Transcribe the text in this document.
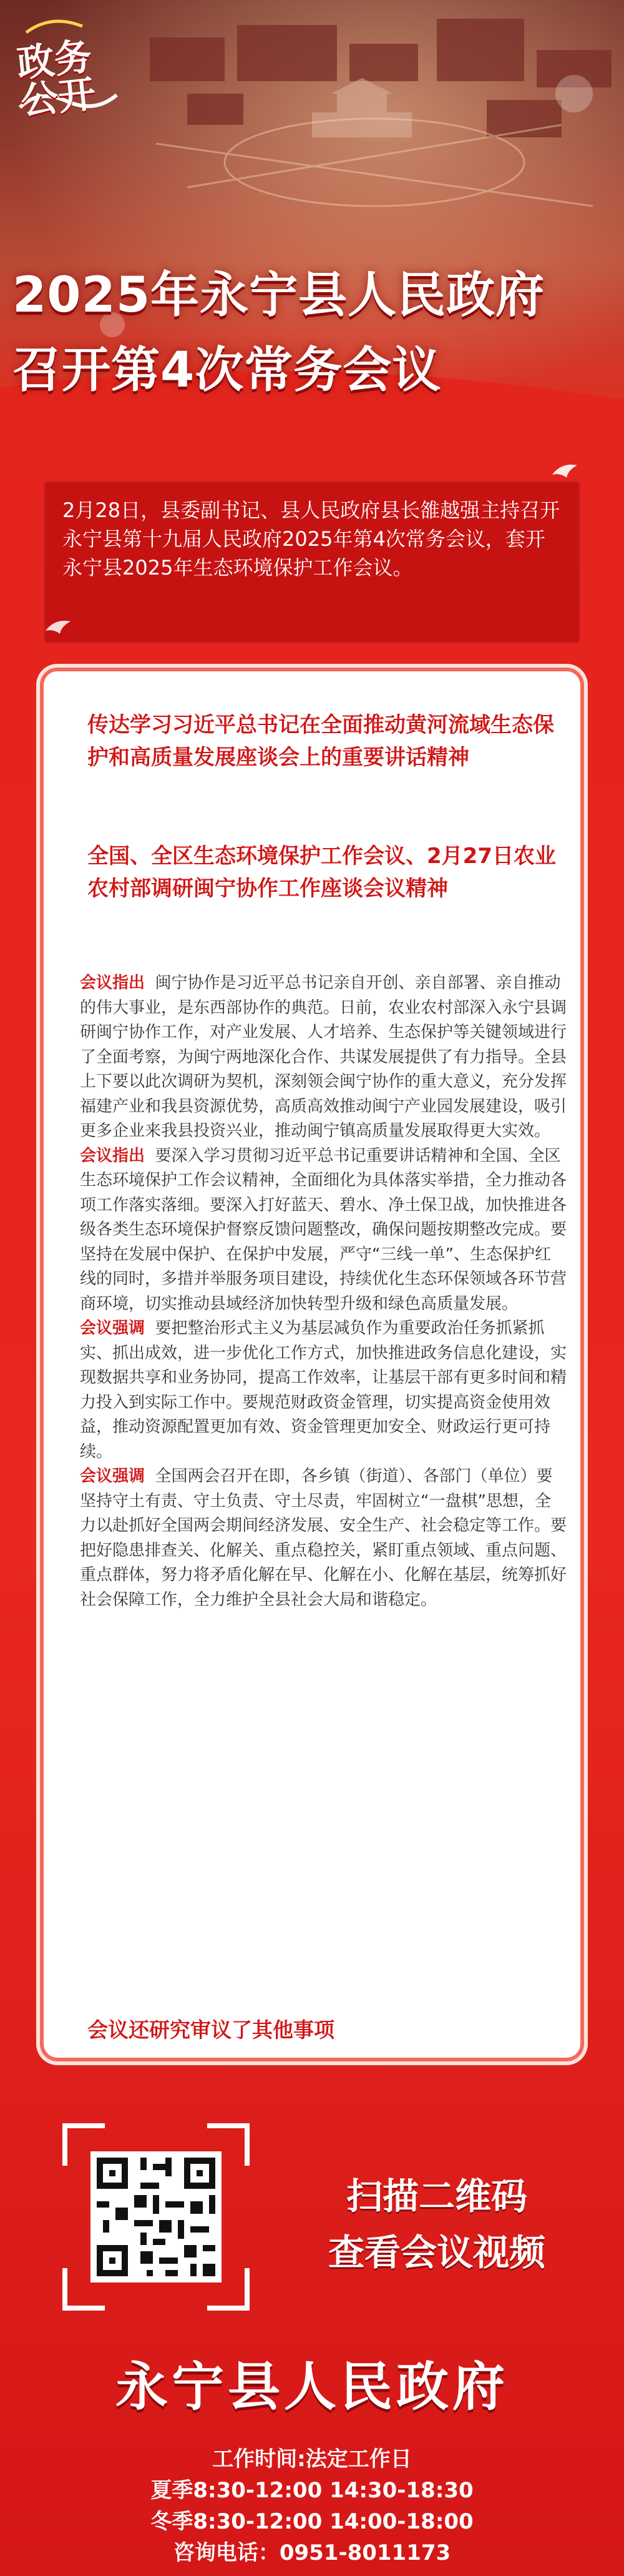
政务公开
2025年永宁县人民政府
召开第4次常务会议

2月28日，县委副书记、县人民政府县长雒越强主持召开永宁县第十九届人民政府2025年第4次常务会议，套开永宁县2025年生态环境保护工作会议。

传达学习习近平总书记在全面推动黄河流域生态保护和高质量发展座谈会上的重要讲话精神
全国、全区生态环境保护工作会议、2月27日农业农村部调研闽宁协作工作座谈会议精神

会议指出 闽宁协作是习近平总书记亲自开创、亲自部署、亲自推动的伟大事业，是东西部协作的典范。日前，农业农村部深入永宁县调研闽宁协作工作，对产业发展、人才培养、生态保护等关键领域进行了全面考察，为闽宁两地深化合作、共谋发展提供了有力指导。全县上下要以此次调研为契机，深刻领会闽宁协作的重大意义，充分发挥福建产业和我县资源优势，高质高效推动闽宁产业园发展建设，吸引更多企业来我县投资兴业，推动闽宁镇高质量发展取得更大实效。

会议指出 要深入学习贯彻习近平总书记重要讲话精神和全国、全区生态环境保护工作会议精神，全面细化为具体落实举措，全力推动各项工作落实落细。要深入打好蓝天、碧水、净土保卫战，加快推进各级各类生态环境保护督察反馈问题整改，确保问题按期整改完成。要坚持在发展中保护、在保护中发展，严守“三线一单”、生态保护红线的同时，多措并举服务项目建设，持续优化生态环保领域各环节营商环境，切实推动县域经济加快转型升级和绿色高质量发展。

会议强调 要把整治形式主义为基层减负作为重要政治任务抓紧抓实、抓出成效，进一步优化工作方式，加快推进政务信息化建设，实现数据共享和业务协同，提高工作效率，让基层干部有更多时间和精力投入到实际工作中。要规范财政资金管理，切实提高资金使用效益，推动资源配置更加有效、资金管理更加安全、财政运行更可持续。

会议强调 全国两会召开在即，各乡镇（街道）、各部门（单位）要坚持守土有责、守土负责、守土尽责，牢固树立“一盘棋”思想，全力以赴抓好全国两会期间经济发展、安全生产、社会稳定等工作。要把好隐患排查关、化解关、重点稳控关，紧盯重点领域、重点问题、重点群体，努力将矛盾化解在早、化解在小、化解在基层，统筹抓好社会保障工作，全力维护全县社会大局和谐稳定。

会议还研究审议了其他事项
扫描二维码
查看会议视频
永宁县人民政府
工作时间:法定工作日
夏季8:30-12:00 14:30-18:30
冬季8:30-12:00 14:00-18:00
咨询电话：0951-8011173
